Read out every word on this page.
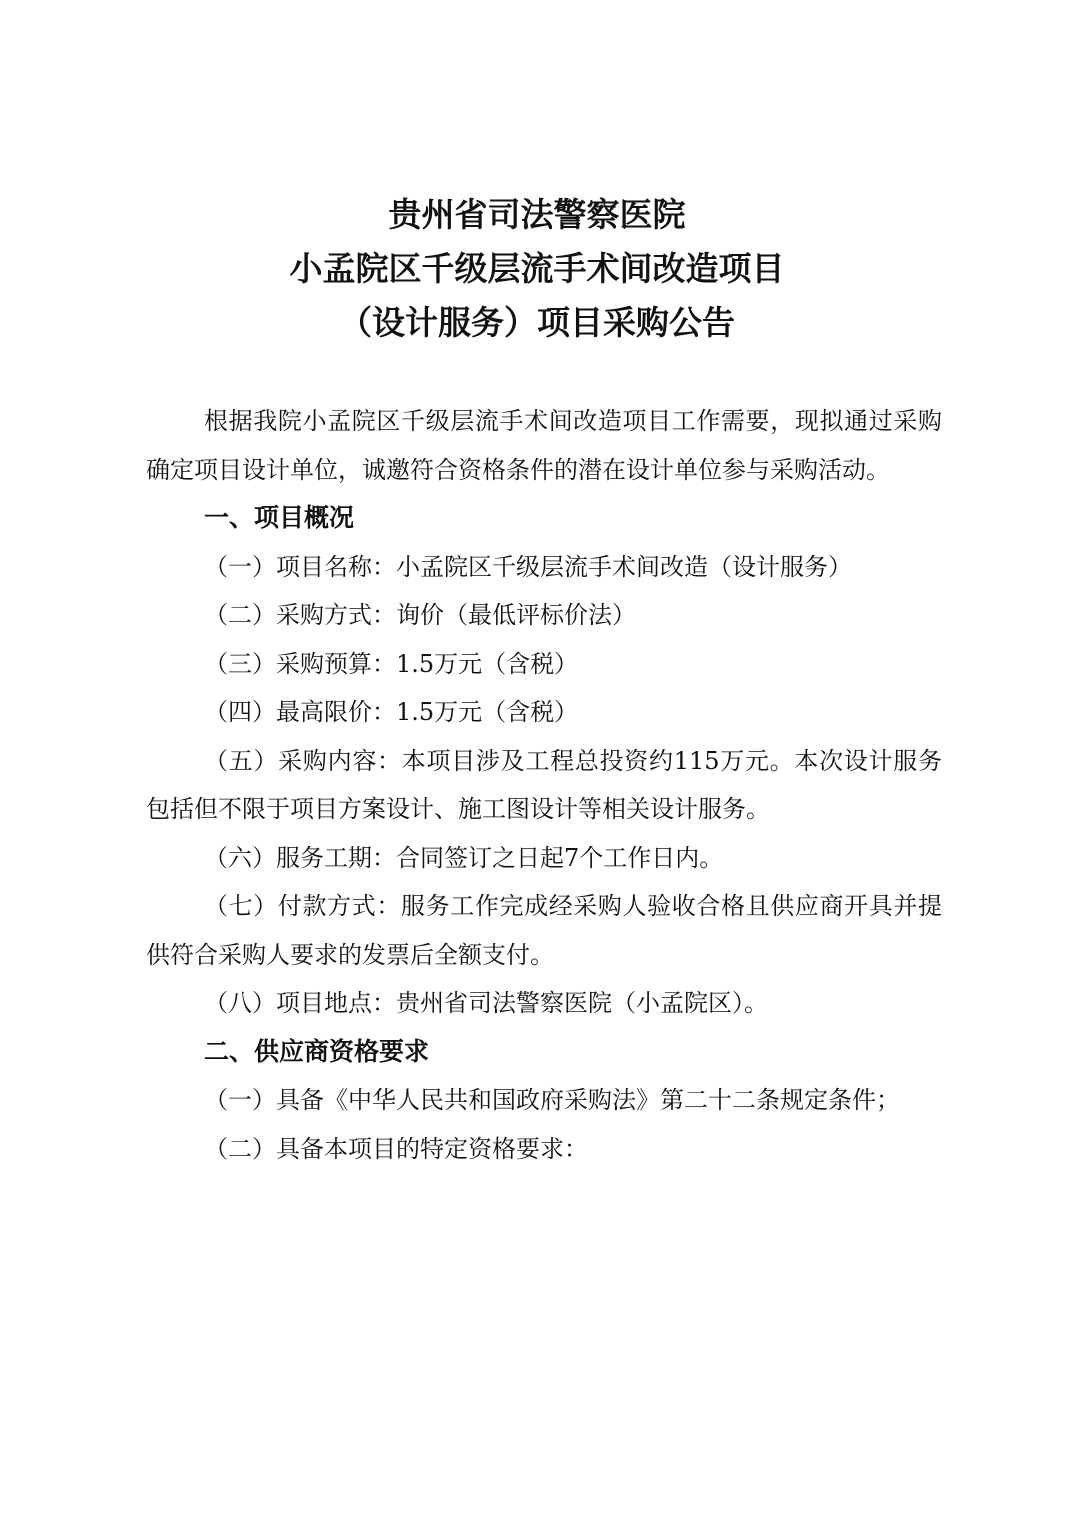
贵州省司法警察医院
小孟院区千级层流手术间改造项目
（设计服务）项目采购公告

根据我院小孟院区千级层流手术间改造项目工作需要，现拟通过采购确定项目设计单位，诚邀符合资格条件的潜在设计单位参与采购活动。

一、项目概况

（一）项目名称：小孟院区千级层流手术间改造（设计服务）

（二）采购方式：询价（最低评标价法）

（三）采购预算：1.5万元（含税）

（四）最高限价：1.5万元（含税）

（五）采购内容：本项目涉及工程总投资约115万元。本次设计服务包括但不限于项目方案设计、施工图设计等相关设计服务。

（六）服务工期：合同签订之日起7个工作日内。

（七）付款方式：服务工作完成经采购人验收合格且供应商开具并提供符合采购人要求的发票后全额支付。

（八）项目地点：贵州省司法警察医院（小孟院区）。

二、供应商资格要求

（一）具备《中华人民共和国政府采购法》第二十二条规定条件；

（二）具备本项目的特定资格要求：
